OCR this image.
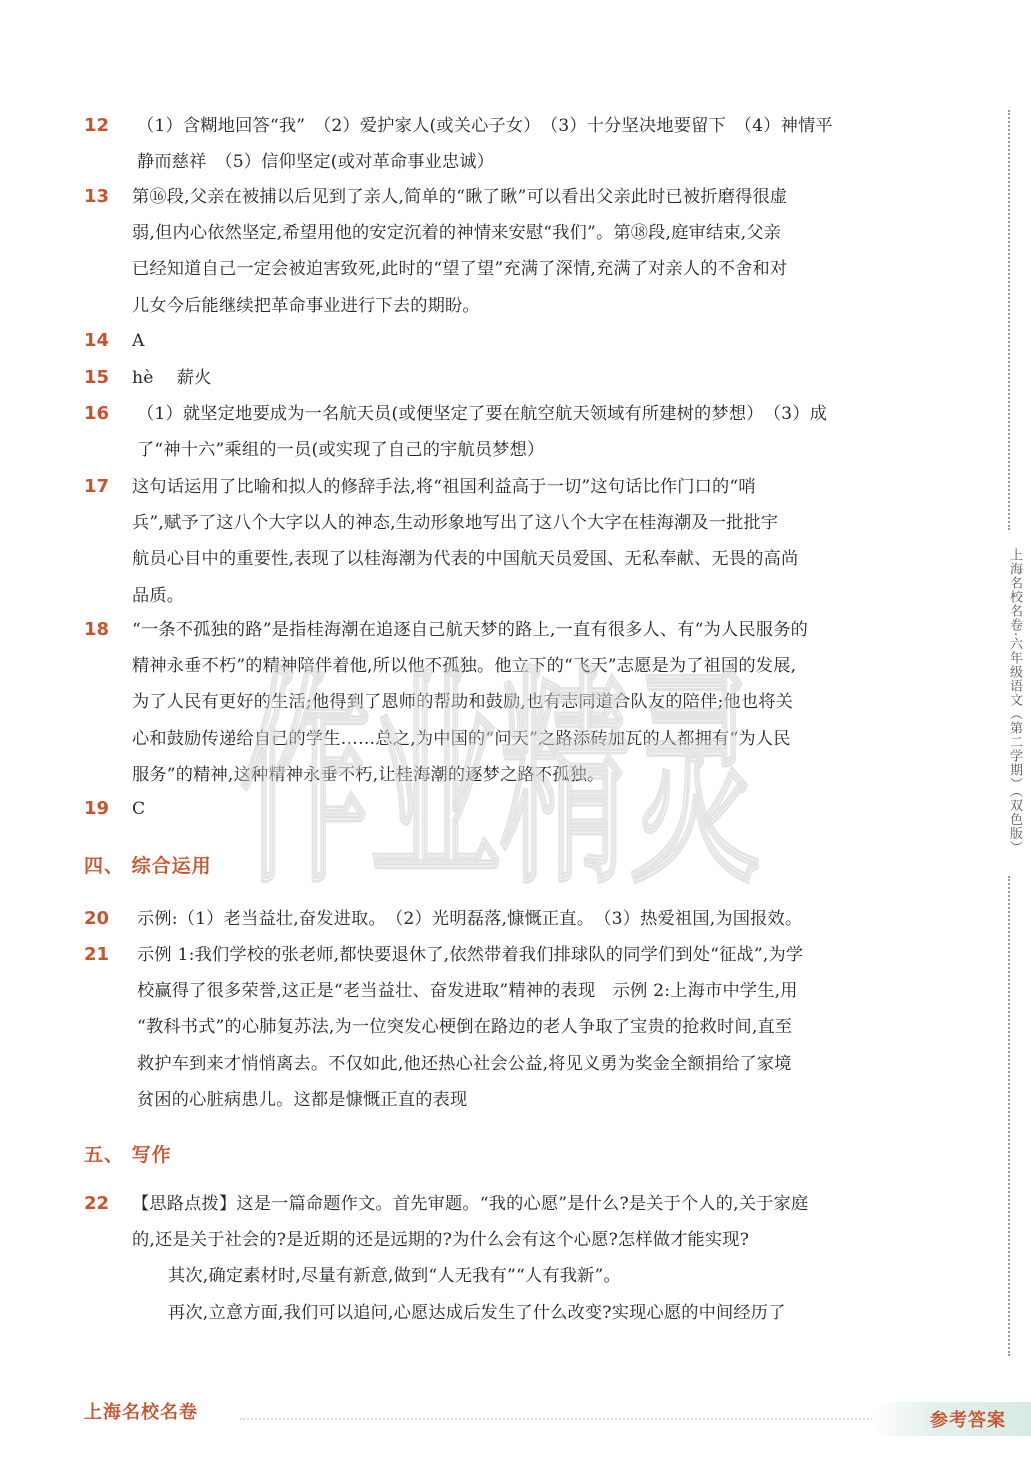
12	（1）含糊地回答“我”　（2）爱护家人(或关心子女）　（3）十分坚决地要留下　（4）神情平
静而慈祥　（5）信仰坚定(或对革命事业忠诚）
13	第⑯段,父亲在被捕以后见到了亲人,简单的“瞅了瞅”可以看出父亲此时已被折磨得很虚
弱,但内心依然坚定,希望用他的安定沉着的神情来安慰“我们”。第⑱段,庭审结束,父亲
已经知道自己一定会被迫害致死,此时的“望了望”充满了深情,充满了对亲人的不舍和对
儿女今后能继续把革命事业进行下去的期盼。
14	A
15	hè　 薪火
16	（1）就坚定地要成为一名航天员(或便坚定了要在航空航天领域有所建树的梦想）　（3）成
了“神十六”乘组的一员(或实现了自己的宇航员梦想）
17	这句话运用了比喻和拟人的修辞手法,将“祖国利益高于一切”这句话比作门口的“哨
兵”,赋予了这八个大字以人的神态,生动形象地写出了这八个大字在桂海潮及一批批宇
航员心目中的重要性,表现了以桂海潮为代表的中国航天员爱国、无私奉献、无畏的高尚
品质。
18	“一条不孤独的路”是指桂海潮在追逐自己航天梦的路上,一直有很多人、有“为人民服务的
精神永垂不朽”的精神陪伴着他,所以他不孤独。他立下的“飞天”志愿是为了祖国的发展,
为了人民有更好的生活;他得到了恩师的帮助和鼓励,也有志同道合队友的陪伴;他也将关
心和鼓励传递给自己的学生……总之,为中国的“问天”之路添砖加瓦的人都拥有“为人民
服务”的精神,这种精神永垂不朽,让桂海潮的逐梦之路不孤独。
19	C
四、 综合运用
20	示例:（1）老当益壮,奋发进取。　（2）光明磊落,慷慨正直。　（3）热爱祖国,为国报效。
21	示例 1:我们学校的张老师,都快要退休了,依然带着我们排球队的同学们到处“征战”,为学
校赢得了很多荣誉,这正是“老当益壮、奋发进取”精神的表现　示例 2:上海市中学生,用
“教科书式”的心肺复苏法,为一位突发心梗倒在路边的老人争取了宝贵的抢救时间,直至
救护车到来才悄悄离去。不仅如此,他还热心社会公益,将见义勇为奖金全额捐给了家境
贫困的心脏病患儿。这都是慷慨正直的表现
五、 写作
22	【思路点拨】这是一篇命题作文。首先审题。“我的心愿”是什么?是关于个人的,关于家庭
的,还是关于社会的?是近期的还是远期的?为什么会有这个心愿?怎样做才能实现?
其次,确定素材时,尽量有新意,做到“人无我有”“人有我新”。
再次,立意方面,我们可以追问,心愿达成后发生了什么改变?实现心愿的中间经历了
作业精灵	上海名校名卷·六年级语文（第二学期）（双色版）
上海名校名卷	参考答案
